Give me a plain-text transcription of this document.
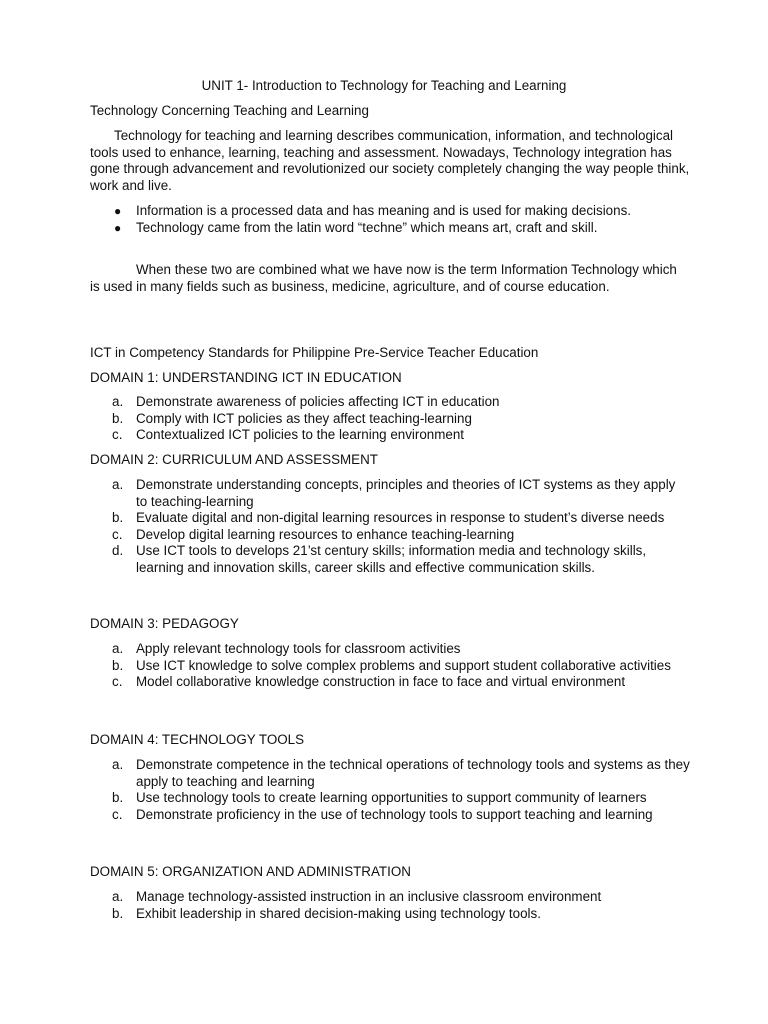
UNIT 1- Introduction to Technology for Teaching and Learning

Technology Concerning Teaching and Learning

Technology for teaching and learning describes communication, information, and technological tools used to enhance, learning, teaching and assessment. Nowadays, Technology integration has gone through advancement and revolutionized our society completely changing the way people think, work and live.

●	Information is a processed data and has meaning and is used for making decisions.
●	Technology came from the latin word “techne” which means art, craft and skill.

When these two are combined what we have now is the term Information Technology which is used in many fields such as business, medicine, agriculture, and of course education.

ICT in Competency Standards for Philippine Pre-Service Teacher Education

DOMAIN 1: UNDERSTANDING ICT IN EDUCATION

a. Demonstrate awareness of policies affecting ICT in education
b. Comply with ICT policies as they affect teaching-learning
c.	Contextualized ICT policies to the learning environment

DOMAIN 2: CURRICULUM AND ASSESSMENT

a. Demonstrate understanding concepts, principles and theories of ICT systems as they apply to teaching-learning
b. Evaluate digital and non-digital learning resources in response to student’s diverse needs
c.	Develop digital learning resources to enhance teaching-learning
d. Use ICT tools to develops 21’st century skills; information media and technology skills, learning and innovation skills, career skills and effective communication skills.

DOMAIN 3: PEDAGOGY

a. Apply relevant technology tools for classroom activities
b. Use ICT knowledge to solve complex problems and support student collaborative activities
c.	Model collaborative knowledge construction in face to face and virtual environment

DOMAIN 4: TECHNOLOGY TOOLS

a. Demonstrate competence in the technical operations of technology tools and systems as they apply to teaching and learning
b. Use technology tools to create learning opportunities to support community of learners
c.	Demonstrate proficiency in the use of technology tools to support teaching and learning

DOMAIN 5: ORGANIZATION AND ADMINISTRATION

a. Manage technology-assisted instruction in an inclusive classroom environment
b. Exhibit leadership in shared decision-making using technology tools.
